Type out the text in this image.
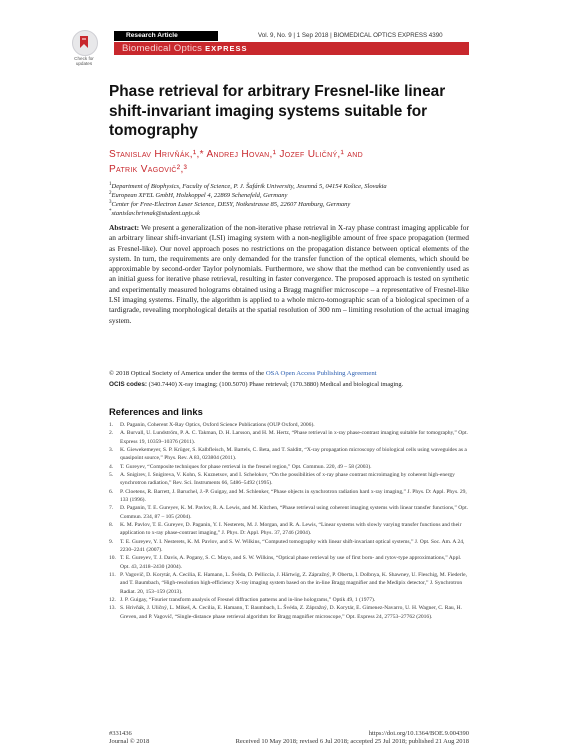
Check for
updates
Research Article	Vol. 9, No. 9 | 1 Sep 2018 | BIOMEDICAL OPTICS EXPRESS 4390
Biomedical Optics EXPRESS
Phase retrieval for arbitrary Fresnel-like linear shift-invariant imaging systems suitable for tomography
Stanislav Hrivňák,¹,* Andrej Hovan,¹ Jozef Uličný,¹ and
Patrik Vagovič²,³
$^1$Department of Biophysics, Faculty of Science, P. J. Šafárik University, Jesenná 5, 04154 Košice, Slovakia
$^2$European XFEL GmbH, Holzkoppel 4, 22869 Schenefeld, Germany
$^3$Center for Free-Electron Laser Science, DESY, Notkestrasse 85, 22607 Hamburg, Germany
*stanislav.hrivnak@student.upjs.sk
Abstract: We present a generalization of the non-iterative phase retrieval in X-ray phase contrast imaging applicable for an arbitrary linear shift-invariant (LSI) imaging system with a non-negligible amount of free space propagation (termed as Fresnel-like). Our novel approach poses no restrictions on the propagation distance between optical elements of the system. In turn, the requirements are only demanded for the transfer function of the optical elements, which should be approximable by second-order Taylor polynomials. Furthermore, we show that the method can be conveniently used as an initial guess for iterative phase retrieval, resulting in faster convergence. The proposed approach is tested on synthetic and experimentally measured holograms obtained using a Bragg magnifier microscope – a representative of Fresnel-like LSI imaging systems. Finally, the algorithm is applied to a whole micro-tomographic scan of a biological specimen of a tardigrade, revealing morphological details at the spatial resolution of 300 nm – limiting resolution of the actual imaging system.
© 2018 Optical Society of America under the terms of the OSA Open Access Publishing Agreement
OCIS codes: (340.7440) X-ray imaging; (100.5070) Phase retrieval; (170.3880) Medical and biological imaging.
References and links
1.	D. Paganin, Coherent X-Ray Optics, Oxford Science Publications (OUP Oxford, 2006).
2.	A. Burvall, U. Lundström, P. A. C. Takman, D. H. Larsson, and H. M. Hertz, “Phase retrieval in x-ray phase-contrast imaging suitable for tomography,” Opt. Express 19, 10359–10376 (2011).
3.	K. Giewekemeyer, S. P. Krüger, S. Kalbfleisch, M. Bartels, C. Beta, and T. Salditt, “X-ray propagation microscopy of biological cells using waveguides as a quasipoint source,” Phys. Rev. A 83, 023804 (2011).
4.	T. Gureyev, “Composite techniques for phase retrieval in the fresnel region,” Opt. Commun. 220, 49 – 58 (2003).
5.	A. Snigirev, I. Snigireva, V. Kohn, S. Kuznetsov, and I. Schelokov, “On the possibilities of x-ray phase contrast microimaging by coherent high-energy synchrotron radiation,” Rev. Sci. Instruments 66, 5486–5492 (1995).
6.	P. Cloetens, R. Barrett, J. Baruchel, J.-P. Guigay, and M. Schlenker, “Phase objects in synchrotron radiation hard x-ray imaging,” J. Phys. D: Appl. Phys. 29, 133 (1996).
7.	D. Paganin, T. E. Gureyev, K. M. Pavlov, R. A. Lewis, and M. Kitchen, “Phase retrieval using coherent imaging systems with linear transfer functions,” Opt. Commun. 234, 87 – 105 (2004).
8.	K. M. Pavlov, T. E. Gureyev, D. Paganin, Y. I. Nesterets, M. J. Morgan, and R. A. Lewis, “Linear systems with slowly varying transfer functions and their application to x-ray phase-contrast imaging,” J. Phys. D: Appl. Phys. 37, 2746 (2004).
9.	T. E. Gureyev, Y. I. Nesterets, K. M. Pavlov, and S. W. Wilkins, “Computed tomography with linear shift-invariant optical systems,” J. Opt. Soc. Am. A 24, 2230–2241 (2007).
10. T. E. Gureyev, T. J. Davis, A. Pogany, S. C. Mayo, and S. W. Wilkins, “Optical phase retrieval by use of first born- and rytov-type approximations,” Appl. Opt. 43, 2418–2430 (2004).
11. P. Vagovič, D. Korytár, A. Cecilia, E. Hamann, L. Švéda, D. Pelliccia, J. Härtwig, Z. Zápražný, P. Oberta, I. Dolbnya, K. Shawney, U. Fleschig, M. Fiederle, and T. Baumbach, “High-resolution high-efficiency X-ray imaging system based on the in-line Bragg magnifier and the Medipix detector,” J. Synchrotron Radiat. 20, 153–159 (2013).
12. J. P. Guigay, “Fourier transform analysis of Fresnel diffraction patterns and in-line holograms,” Optik 49, 1 (1977).
13. S. Hrivňák, J. Uličný, L. Mikeš, A. Cecilia, E. Hamann, T. Baumbach, L. Švéda, Z. Zápražný, D. Korytár, E. Gimenez-Navarro, U. H. Wagner, C. Rau, H. Greven, and P. Vagovič, “Single-distance phase retrieval algorithm for Bragg magnifier microscope,” Opt. Express 24, 27753–27762 (2016).
#331436
Journal © 2018
https://doi.org/10.1364/BOE.9.004390
Received 10 May 2018; revised 6 Jul 2018; accepted 25 Jul 2018; published 21 Aug 2018
